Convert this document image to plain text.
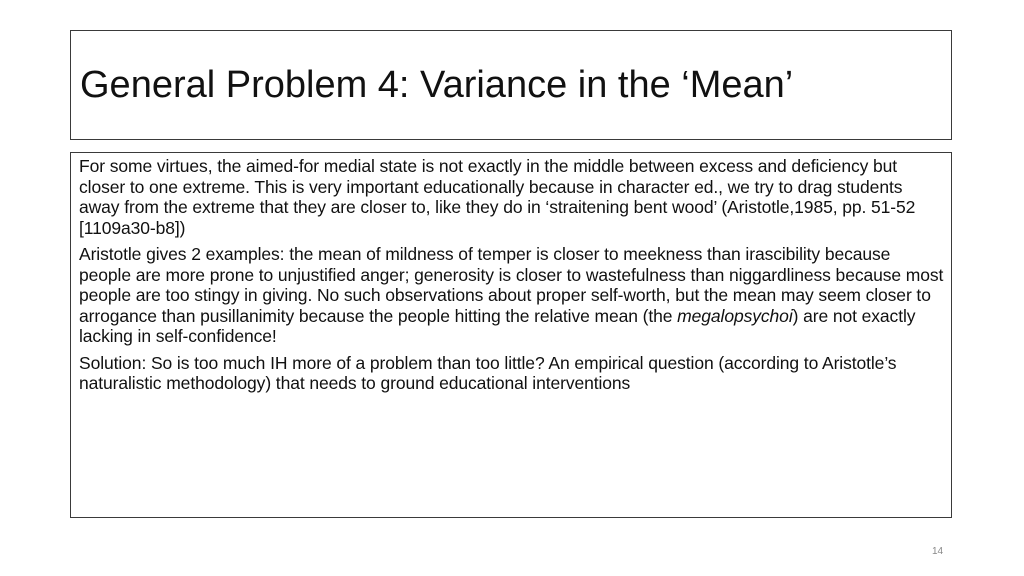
General Problem 4: Variance in the ‘Mean’

For some virtues, the aimed-for medial state is not exactly in the middle between excess and deficiency but closer to one extreme. This is very important educationally because in character ed., we try to drag students away from the extreme that they are closer to, like they do in ‘straitening bent wood’ (Aristotle,1985, pp. 51-52 [1109a30-b8])

Aristotle gives 2 examples: the mean of mildness of temper is closer to meekness than irascibility because people are more prone to unjustified anger; generosity is closer to wastefulness than niggardliness because most people are too stingy in giving. No such observations about proper self-worth, but the mean may seem closer to arrogance than pusillanimity because the people hitting the relative mean (the megalopsychoi) are not exactly lacking in self-confidence!

Solution: So is too much IH more of a problem than too little? An empirical question (according to Aristotle’s naturalistic methodology) that needs to ground educational interventions

14
